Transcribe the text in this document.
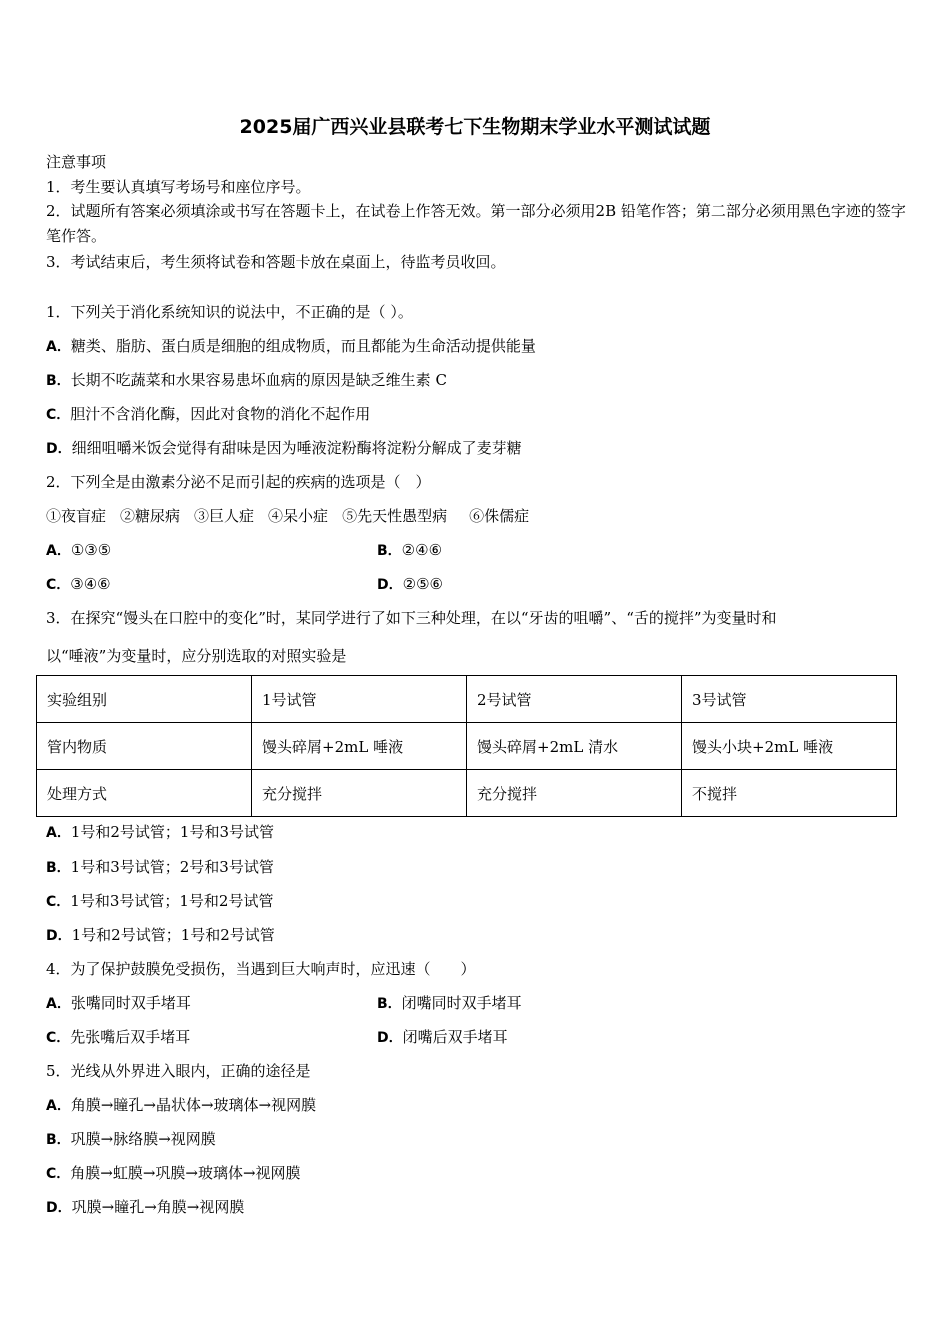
2025届广西兴业县联考七下生物期末学业水平测试试题
注意事项
1．考生要认真填写考场号和座位序号。
2．试题所有答案必须填涂或书写在答题卡上，在试卷上作答无效。第一部分必须用2B 铅笔作答；第二部分必须用黑色字迹的签字笔作答。
3．考试结束后，考生须将试卷和答题卡放在桌面上，待监考员收回。
1．下列关于消化系统知识的说法中，不正确的是（ ）。
A．糖类、脂肪、蛋白质是细胞的组成物质，而且都能为生命活动提供能量
B．长期不吃蔬菜和水果容易患坏血病的原因是缺乏维生素 C
C．胆汁不含消化酶，因此对食物的消化不起作用
D．细细咀嚼米饭会觉得有甜味是因为唾液淀粉酶将淀粉分解成了麦芽糖
2．下列全是由激素分泌不足而引起的疾病的选项是（　）
①夜盲症 ②糖尿病 ③巨人症 ④呆小症 ⑤先天性愚型病 ⑥侏儒症
A．①③⑤	B．②④⑥
C．③④⑥	D．②⑤⑥
3．在探究“馒头在口腔中的变化”时，某同学进行了如下三种处理，在以“牙齿的咀嚼”、“舌的搅拌”为变量时和
以“唾液”为变量时，应分别选取的对照实验是
实验组别	1号试管	2号试管	3号试管
管内物质	馒头碎屑+2mL 唾液	馒头碎屑+2mL 清水	馒头小块+2mL 唾液
处理方式	充分搅拌	充分搅拌	不搅拌
A．1号和2号试管；1号和3号试管
B．1号和3号试管；2号和3号试管
C．1号和3号试管；1号和2号试管
D．1号和2号试管；1号和2号试管
4．为了保护鼓膜免受损伤，当遇到巨大响声时，应迅速（　　）
A．张嘴同时双手堵耳	B．闭嘴同时双手堵耳
C．先张嘴后双手堵耳	D．闭嘴后双手堵耳
5．光线从外界进入眼内，正确的途径是
A．角膜→瞳孔→晶状体→玻璃体→视网膜
B．巩膜→脉络膜→视网膜
C．角膜→虹膜→巩膜→玻璃体→视网膜
D．巩膜→瞳孔→角膜→视网膜
